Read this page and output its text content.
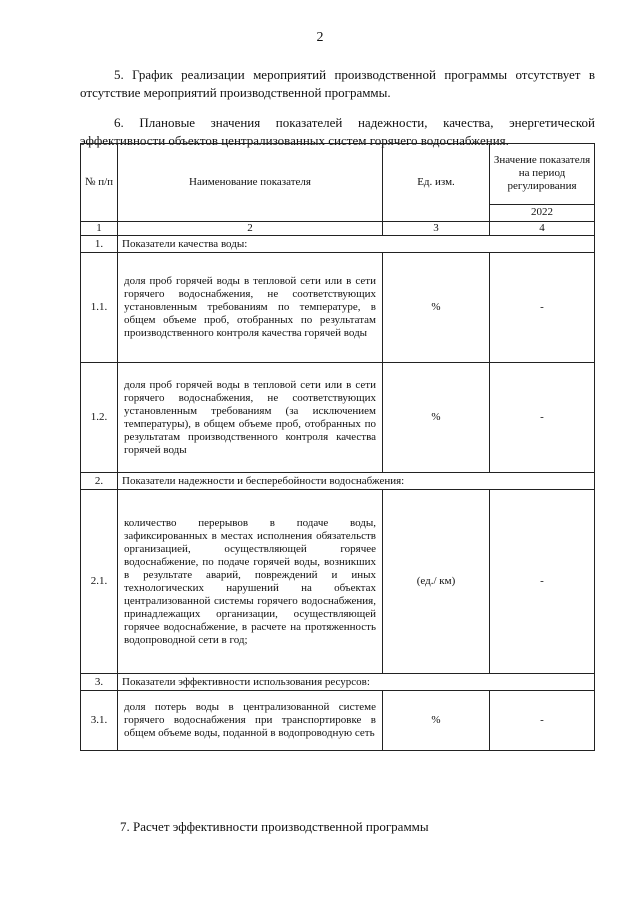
2

5. График реализации мероприятий производственной программы отсутствует в отсутствие мероприятий производственной программы.

6. Плановые значения показателей надежности, качества, энергетической эффективности объектов централизованных систем горячего водоснабжения.

№ п/п	Наименование показателя	Ед. изм.	Значение показателя на период регулирования
			2022
1	2	3	4
1.	Показатели качества воды:		
1.1.	доля проб горячей воды в тепловой сети или в сети горячего водоснабжения, не соответствующих установленным требованиям по температуре, в общем объеме проб, отобранных по результатам производственного контроля качества горячей воды	%	-
1.2.	доля проб горячей воды в тепловой сети или в сети горячего водоснабжения, не соответствующих установленным требованиям (за исключением температуры), в общем объеме проб, отобранных по результатам производственного контроля качества горячей воды	%	-
2.	Показатели надежности и бесперебойности водоснабжения:		
2.1.	количество перерывов в подаче воды, зафиксированных в местах исполнения обязательств организацией, осуществляющей горячее водоснабжение, по подаче горячей воды, возникших в результате аварий, повреждений и иных технологических нарушений на объектах централизованной системы горячего водоснабжения, принадлежащих организации, осуществляющей горячее водоснабжение, в расчете на протяженность водопроводной сети в год;	(ед./ км)	-
3.	Показатели эффективности использования ресурсов:		
3.1.	доля потерь воды в централизованной системе горячего водоснабжения при транспортировке в общем объеме воды, поданной в водопроводную сеть	%	-

7. Расчет эффективности производственной программы
